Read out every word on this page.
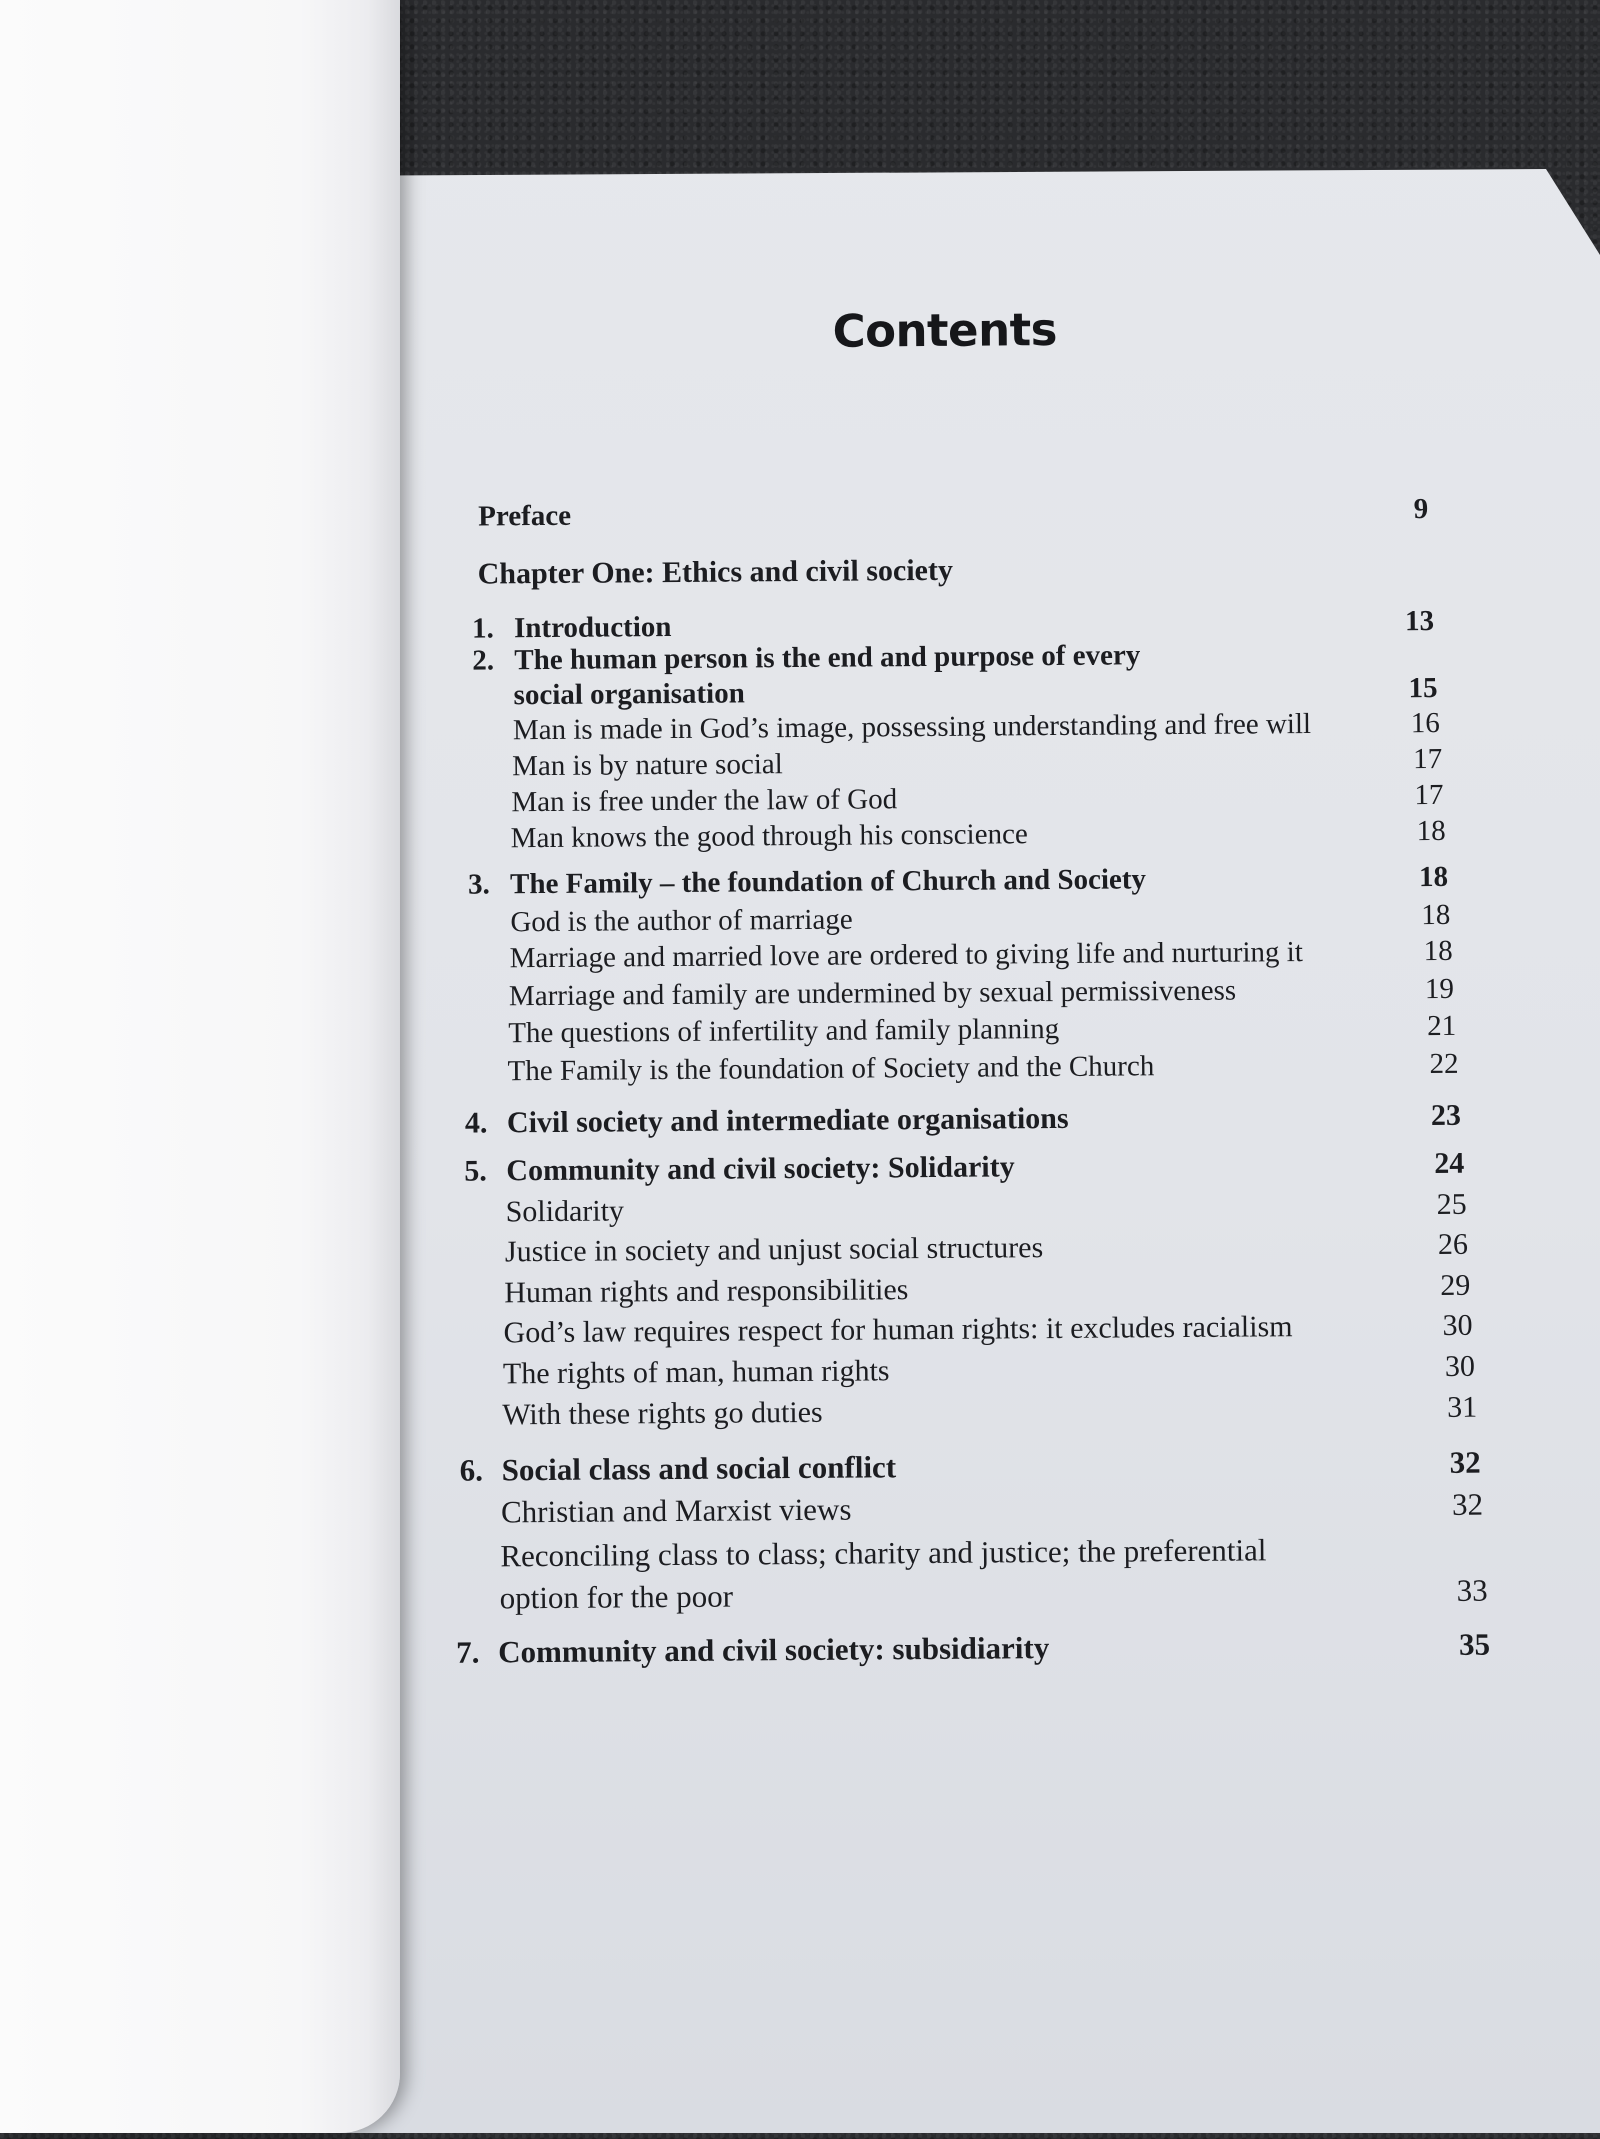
Contents
Preface	9
Chapter One: Ethics and civil society
1. Introduction	13
2. The human person is the end and purpose of every
social organisation	15
Man is made in God’s image, possessing understanding and free will	16
Man is by nature social	17
Man is free under the law of God	17
Man knows the good through his conscience	18
3. The Family – the foundation of Church and Society	18
God is the author of marriage	18
Marriage and married love are ordered to giving life and nurturing it	18
Marriage and family are undermined by sexual permissiveness	19
The questions of infertility and family planning	21
The Family is the foundation of Society and the Church	22
4. Civil society and intermediate organisations	23
5. Community and civil society: Solidarity	24
Solidarity	25
Justice in society and unjust social structures	26
Human rights and responsibilities	29
God’s law requires respect for human rights: it excludes racialism	30
The rights of man, human rights	30
With these rights go duties	31
6. Social class and social conflict	32
Christian and Marxist views	32
Reconciling class to class; charity and justice; the preferential
option for the poor	33
7. Community and civil society: subsidiarity	35
